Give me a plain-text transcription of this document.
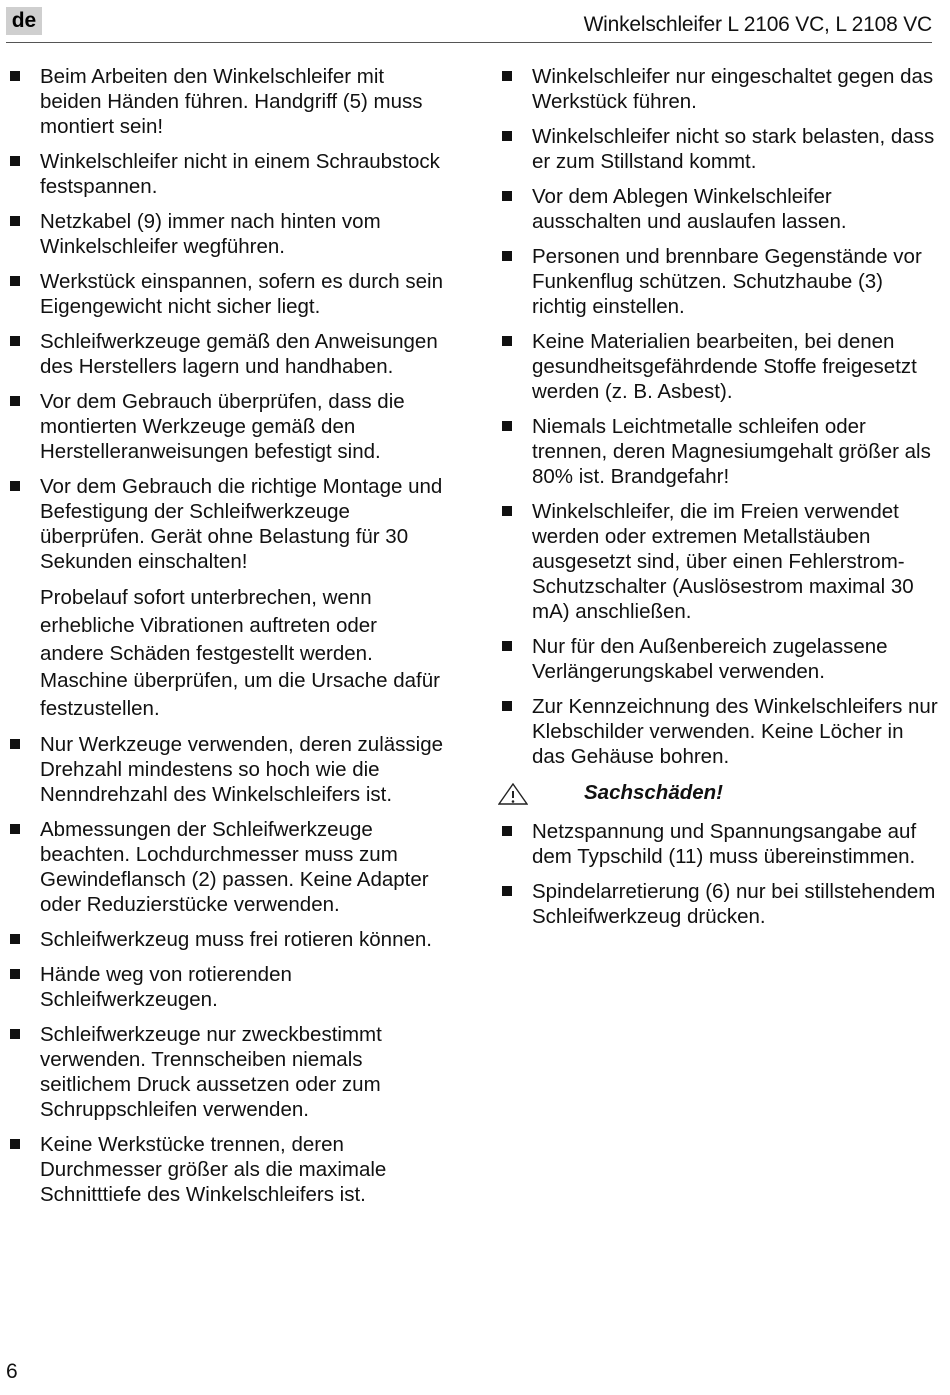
de	Winkelschleifer L 2106 VC, L 2108 VC
Beim Arbeiten den Winkelschleifer mit beiden Händen führen. Handgriff (5) muss montiert sein!
Winkelschleifer nicht in einem Schraubstock festspannen.
Netzkabel (9) immer nach hinten vom Winkelschleifer wegführen.
Werkstück einspannen, sofern es durch sein Eigengewicht nicht sicher liegt.
Schleifwerkzeuge gemäß den Anweisungen des Herstellers lagern und handhaben.
Vor dem Gebrauch überprüfen, dass die montierten Werkzeuge gemäß den Herstelleranweisungen befestigt sind.
Vor dem Gebrauch die richtige Montage und Befestigung der Schleifwerkzeuge überprüfen. Gerät ohne Belastung für 30 Sekunden einschalten!
Probelauf sofort unterbrechen, wenn erhebliche Vibrationen auftreten oder andere Schäden festgestellt werden. Maschine überprüfen, um die Ursache dafür festzustellen.
Nur Werkzeuge verwenden, deren zulässige Drehzahl mindestens so hoch wie die Nenndrehzahl des Winkelschleifers ist.
Abmessungen der Schleifwerkzeuge beachten. Lochdurchmesser muss zum Gewindeflansch (2) passen. Keine Adapter oder Reduzierstücke verwenden.
Schleifwerkzeug muss frei rotieren können.
Hände weg von rotierenden Schleifwerkzeugen.
Schleifwerkzeuge nur zweckbestimmt verwenden. Trennscheiben niemals seitlichem Druck aussetzen oder zum Schruppschleifen verwenden.
Keine Werkstücke trennen, deren Durchmesser größer als die maximale Schnitttiefe des Winkelschleifers ist.
Winkelschleifer nur eingeschaltet gegen das Werkstück führen.
Winkelschleifer nicht so stark belasten, dass er zum Stillstand kommt.
Vor dem Ablegen Winkelschleifer ausschalten und auslaufen lassen.
Personen und brennbare Gegenstände vor Funkenflug schützen. Schutzhaube (3) richtig einstellen.
Keine Materialien bearbeiten, bei denen gesundheitsgefährdende Stoffe freigesetzt werden (z. B. Asbest).
Niemals Leichtmetalle schleifen oder trennen, deren Magnesiumgehalt größer als 80% ist. Brandgefahr!
Winkelschleifer, die im Freien verwendet werden oder extremen Metallstäuben ausgesetzt sind, über einen Fehlerstrom-Schutzschalter (Auslösestrom maximal 30 mA) anschließen.
Nur für den Außenbereich zugelassene Verlängerungskabel verwenden.
Zur Kennzeichnung des Winkelschleifers nur Klebschilder verwenden. Keine Löcher in das Gehäuse bohren.
Sachschäden!
Netzspannung und Spannungsangabe auf dem Typschild (11) muss übereinstimmen.
Spindelarretierung (6) nur bei stillstehendem Schleifwerkzeug drücken.
6
